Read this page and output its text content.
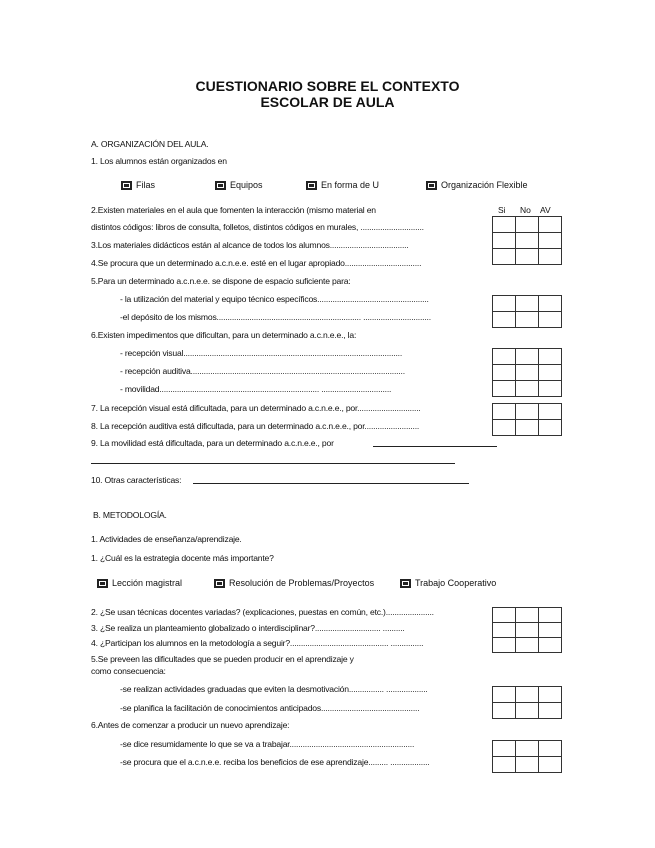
CUESTIONARIO SOBRE EL CONTEXTO
ESCOLAR DE AULA
A. ORGANIZACIÓN DEL AULA.
1. Los alumnos están organizados en
Filas	Equipos	En forma de U	Organización Flexible
Si No AV
2.Existen materiales en el aula que fomenten la interacción (mismo material en
distintos códigos: libros de consulta, folletos, distintos códigos en murales, .............................
3.Los materiales didácticos están al alcance de todos los alumnos....................................
4.Se procura que un determinado a.c.n.e.e. esté en el lugar apropiado...................................

5.Para un determinado a.c.n.e.e. se dispone de espacio suficiente para:
- la utilización del material y equipo técnico específicos...................................................
-el depósito de los mismos.................................................................. ...............................

6.Existen impedimentos que dificultan, para un determinado a.c.n.e.e., la:
- recepción visual....................................................................................................
- recepción auditiva..................................................................................................
- movilidad......................................................................... ................................

7. La recepción visual está dificultada, para un determinado a.c.n.e.e., por.............................
8. La recepción auditiva está dificultada, para un determinado a.c.n.e.e., por.........................

9. La movilidad está dificultada, para un determinado a.c.n.e.e., por
10. Otras características:
B. METODOLOGÍA.
1. Actividades de enseñanza/aprendizaje.
1. ¿Cuál es la estrategia docente más importante?
Lección magistral	Resolución de Problemas/Proyectos	Trabajo Cooperativo
2. ¿Se usan técnicas docentes variadas? (explicaciones, puestas en común, etc.)......................
3. ¿Se realiza un planteamiento globalizado o interdisciplinar?.............................. ..........
4. ¿Participan los alumnos en la metodología a seguir?............................................. ...............

5.Se preveen las dificultades que se pueden producir en el aprendizaje y
como consecuencia:
-se realizan actividades graduadas que eviten la desmotivación................ ...................
-se planifica la facilitación de conocimientos anticipados.............................................

6.Antes de comenzar a producir un nuevo aprendizaje:
-se dice resumidamente lo que se va a trabajar.........................................................
-se procura que el a.c.n.e.e. reciba los beneficios de ese aprendizaje......... ..................
